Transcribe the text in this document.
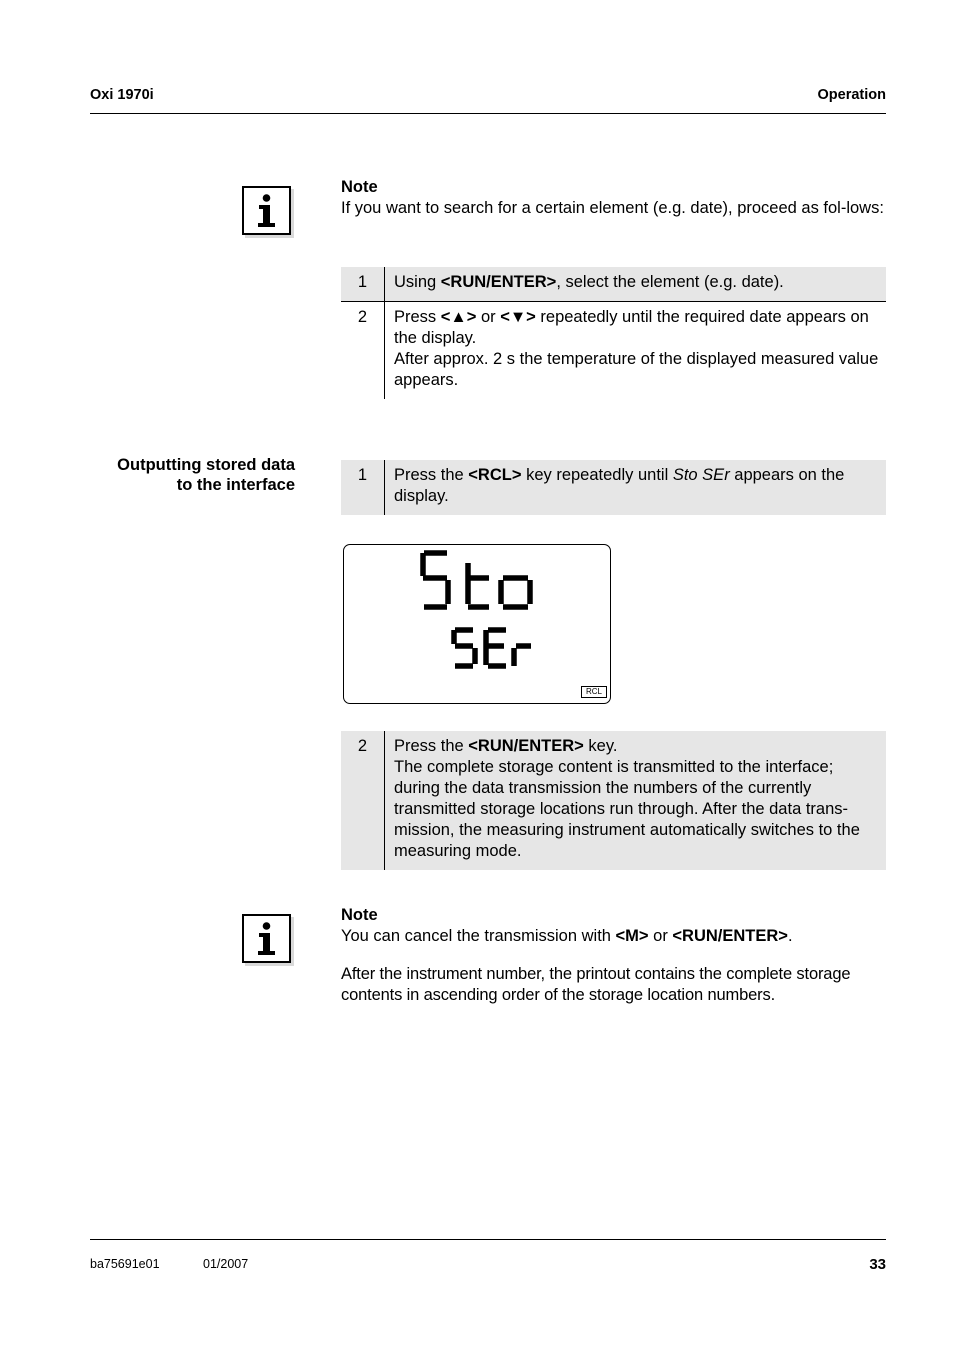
Oxi 1970i	Operation
Note
If you want to search for a certain element (e.g. date), proceed as fol-lows:
1	Using <RUN/ENTER>, select the element (e.g. date).
2	Press <▲> or <▼> repeatedly until the required date appears on the display.
After approx. 2 s the temperature of the displayed measured value appears.
Outputting stored data
to the interface
1	Press the <RCL> key repeatedly until Sto SEr appears on the display.
RCL
2	Press the <RUN/ENTER> key.
The complete storage content is transmitted to the interface; during the data transmission the numbers of the currently transmitted storage locations run through. After the data trans-mission, the measuring instrument automatically switches to the measuring mode.
Note
You can cancel the transmission with <M> or <RUN/ENTER>.
After the instrument number, the printout contains the complete storage contents in ascending order of the storage location numbers.
ba75691e01	01/2007	33
